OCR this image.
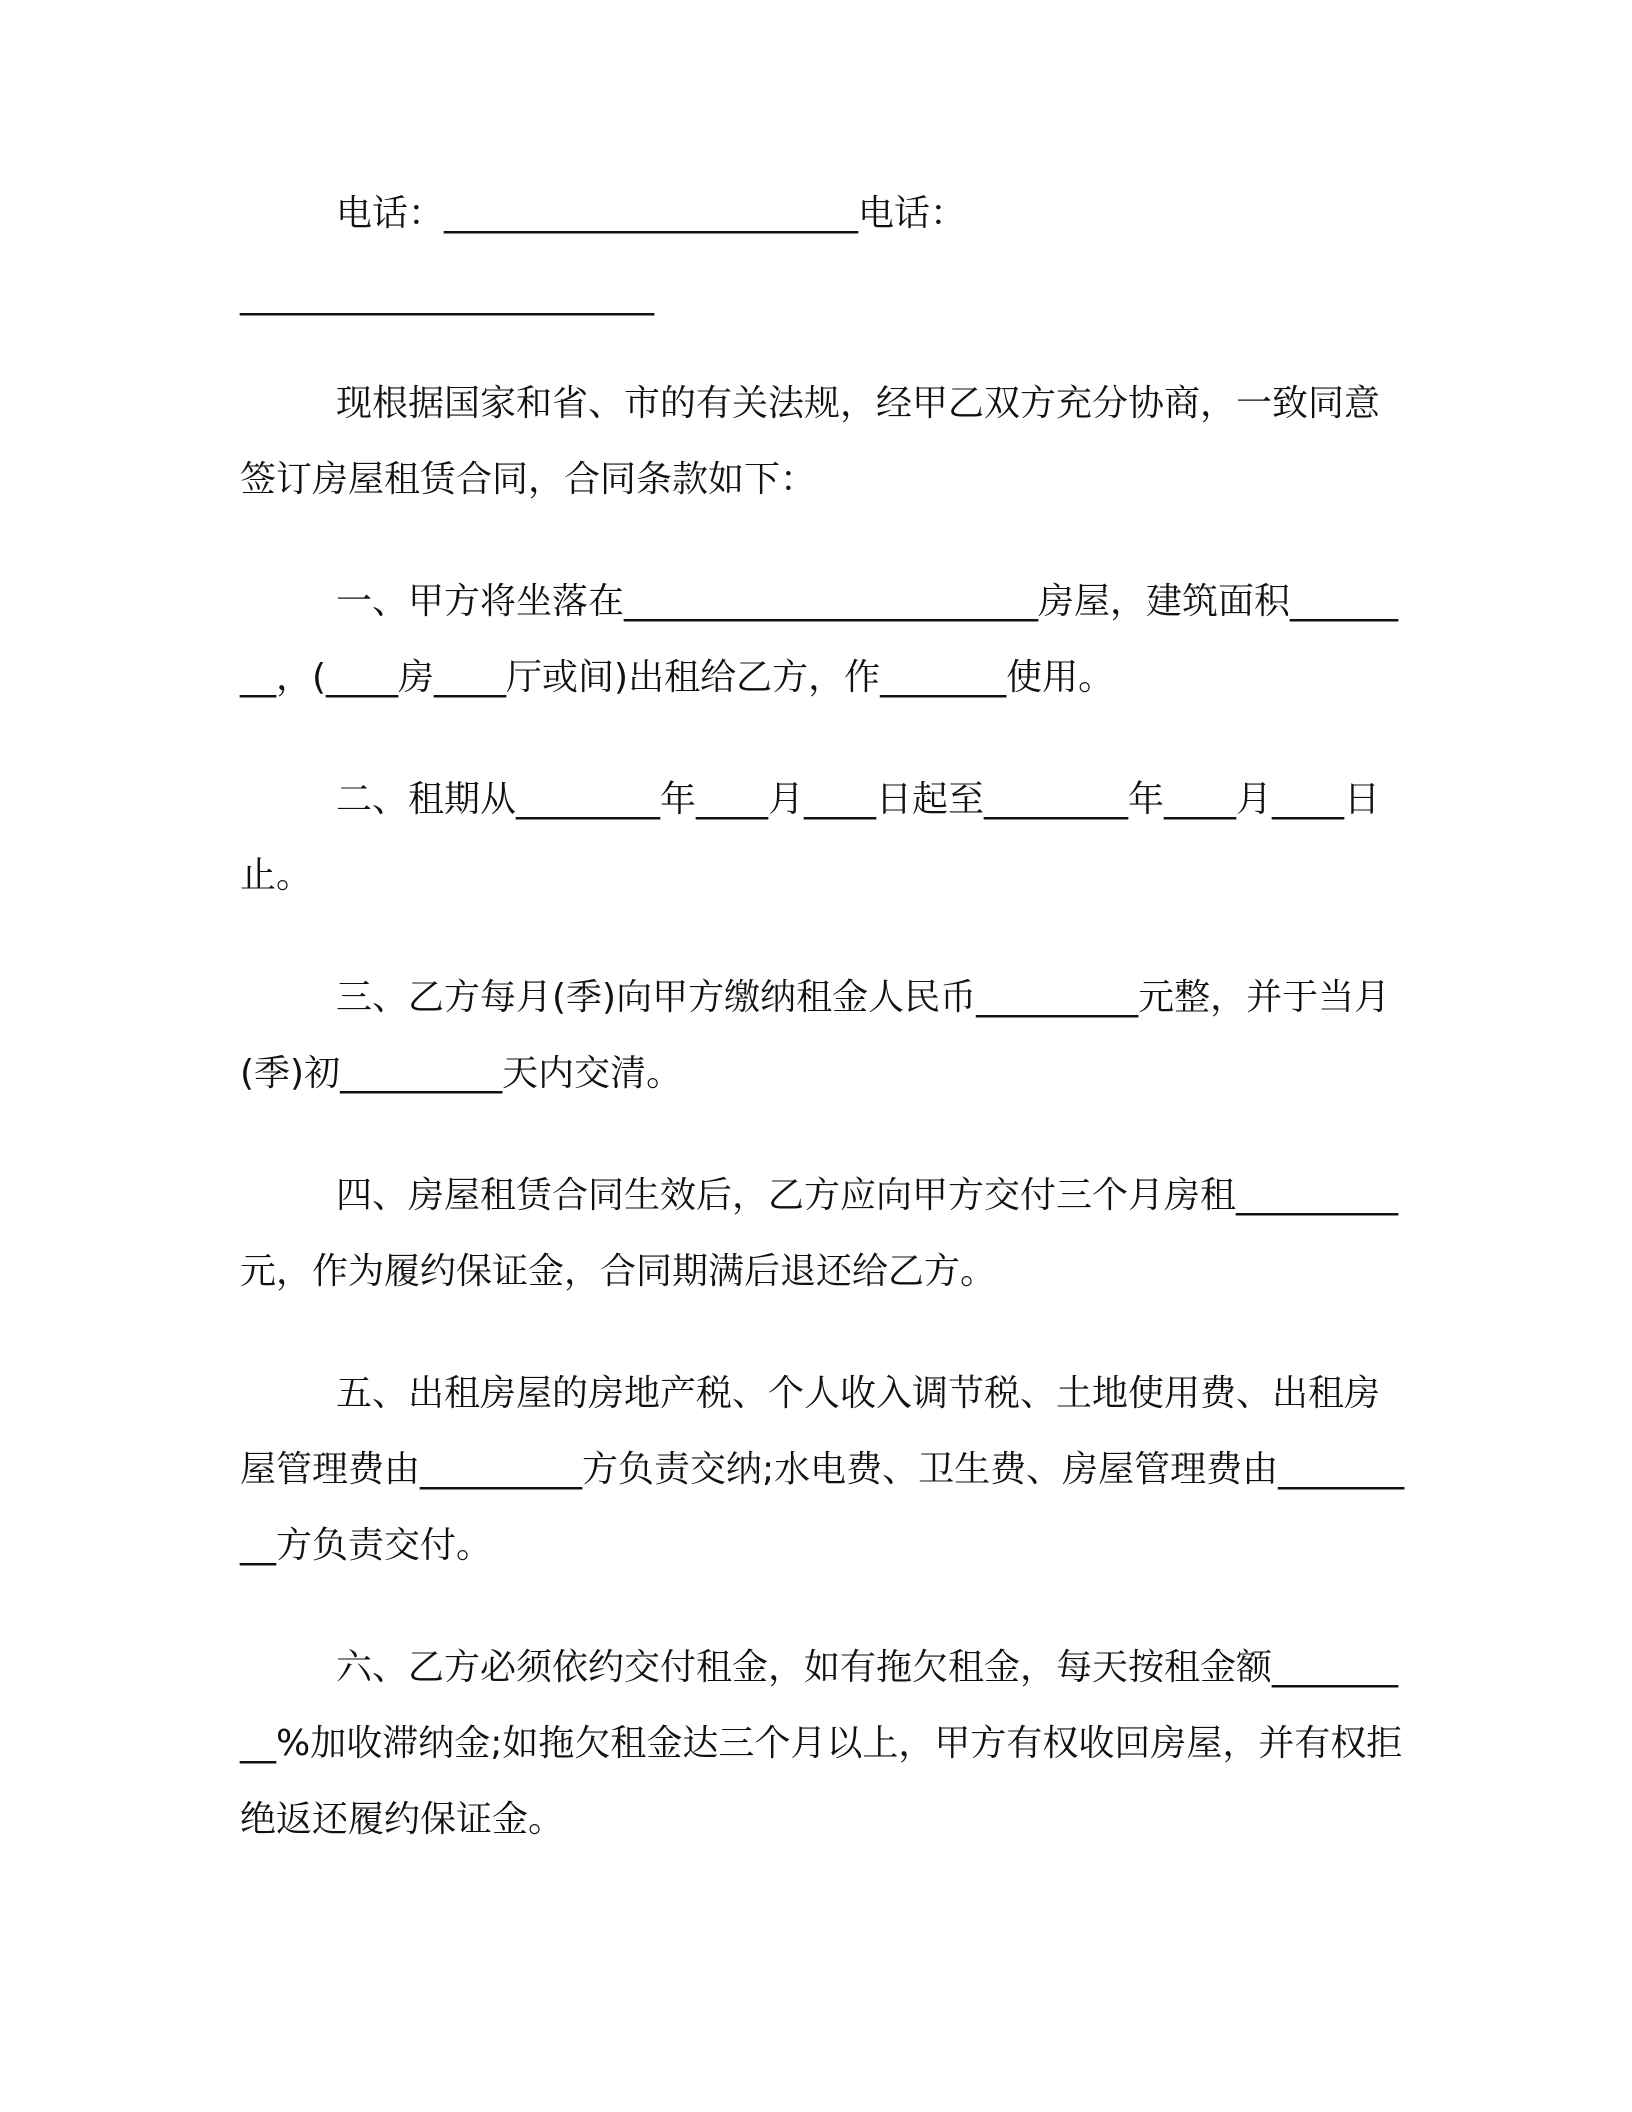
电话：_______________________电话：
_______________________

现根据国家和省、市的有关法规，经甲乙双方充分协商，一致同意签订房屋租赁合同，合同条款如下：

一、甲方将坐落在_______________________房屋，建筑面积________，(____房____厅或间)出租给乙方，作_______使用。

二、租期从________年____月____日起至________年____月____日止。

三、乙方每月(季)向甲方缴纳租金人民币_________元整，并于当月(季)初_________天内交清。

四、房屋租赁合同生效后，乙方应向甲方交付三个月房租_________元，作为履约保证金，合同期满后退还给乙方。

五、出租房屋的房地产税、个人收入调节税、土地使用费、出租房屋管理费由_________方负责交纳;水电费、卫生费、房屋管理费由_________方负责交付。

六、乙方必须依约交付租金，如有拖欠租金，每天按租金额_________%加收滞纳金;如拖欠租金达三个月以上，甲方有权收回房屋，并有权拒绝返还履约保证金。
